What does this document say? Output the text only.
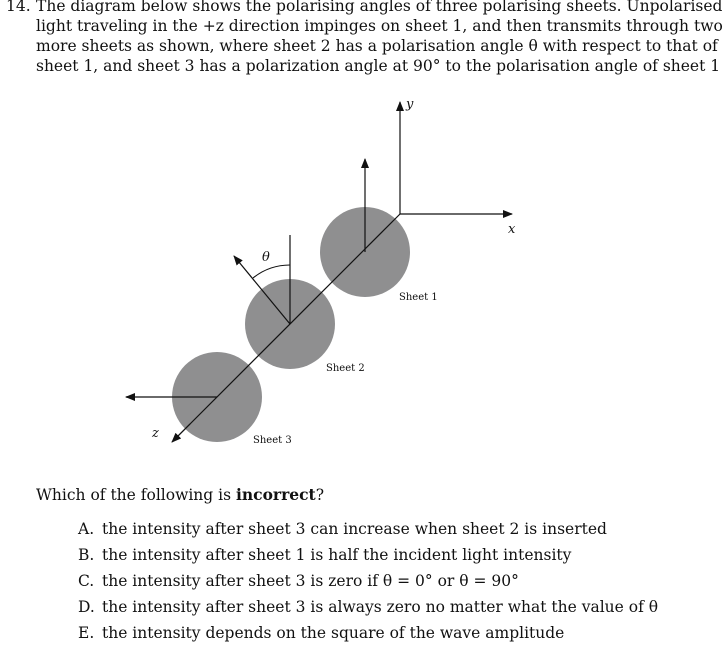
14. The diagram below shows the polarising angles of three polarising sheets. Unpolarised
light traveling in the +z direction impinges on sheet 1, and then transmits through two
more sheets as shown, where sheet 2 has a polarisation angle θ with respect to that of
sheet 1, and sheet 3 has a polarization angle at 90° to the polarisation angle of sheet 1
y
x
z
θ
Sheet 1
Sheet 2
Sheet 3
Which of the following is incorrect?
A. the intensity after sheet 3 can increase when sheet 2 is inserted
B. the intensity after sheet 1 is half the incident light intensity
C. the intensity after sheet 3 is zero if θ = 0° or θ = 90°
D. the intensity after sheet 3 is always zero no matter what the value of θ
E. the intensity depends on the square of the wave amplitude
